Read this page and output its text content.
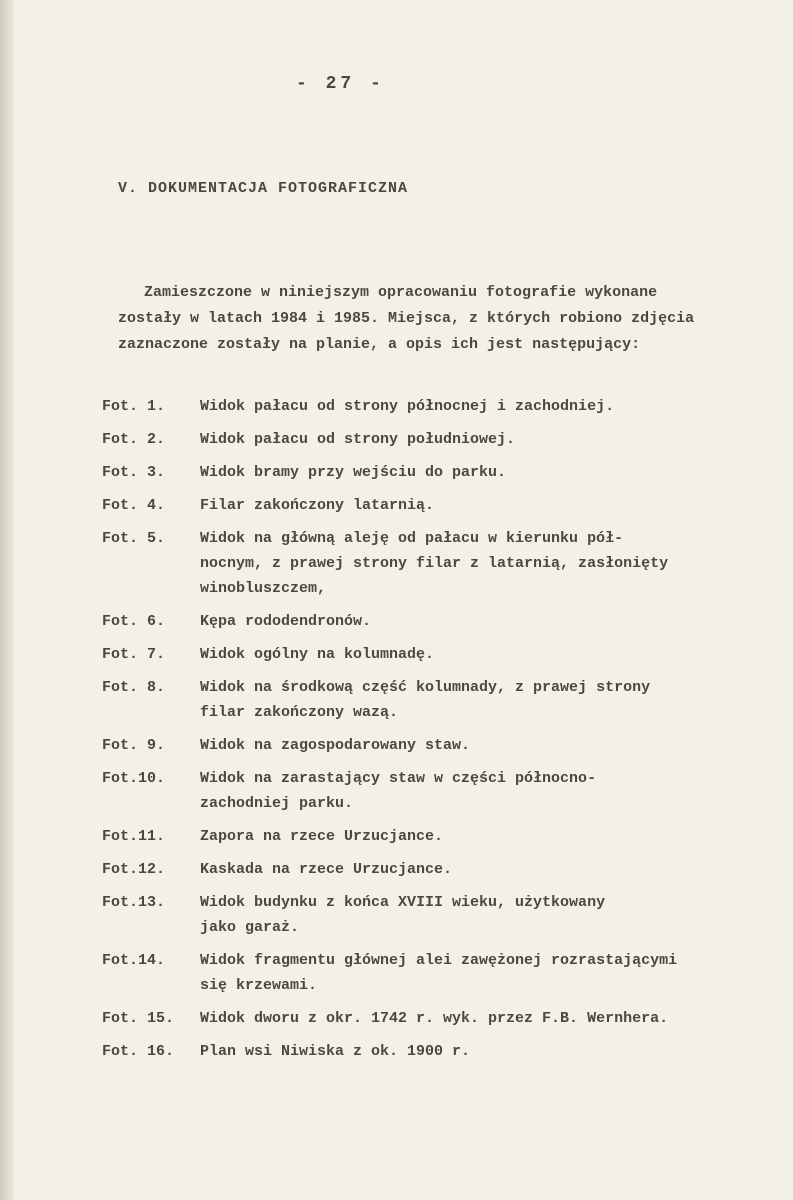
- 27 -
V. DOKUMENTACJA FOTOGRAFICZNA
Zamieszczone w niniejszym opracowaniu fotografie wykonane
zostały w latach 1984 i 1985. Miejsca, z których robiono zdjęcia
zaznaczone zostały na planie, a opis ich jest następujący:
Fot. 1.	Widok pałacu od strony północnej i zachodniej.
Fot. 2.	Widok pałacu od strony południowej.
Fot. 3.	Widok bramy przy wejściu do parku.
Fot. 4.	Filar zakończony latarnią.
Fot. 5.	Widok na główną aleję od pałacu w kierunku pół-
nocnym, z prawej strony filar z latarnią, zasłonięty
winobluszczem,
Fot. 6.	Kępa rododendronów.
Fot. 7.	Widok ogólny na kolumnadę.
Fot. 8.	Widok na środkową część kolumnady, z prawej strony
filar zakończony wazą.
Fot. 9.	Widok na zagospodarowany staw.
Fot.10.	Widok na zarastający staw w części północno-
zachodniej parku.
Fot.11.	Zapora na rzece Urzucjance.
Fot.12.	Kaskada na rzece Urzucjance.
Fot.13.	Widok budynku z końca XVIII wieku, użytkowany
jako garaż.
Fot.14.	Widok fragmentu głównej alei zawężonej rozrastającymi
się krzewami.
Fot. 15.	Widok dworu z okr. 1742 r. wyk. przez F.B. Wernhera.
Fot. 16.	Plan wsi Niwiska z ok. 1900 r.
